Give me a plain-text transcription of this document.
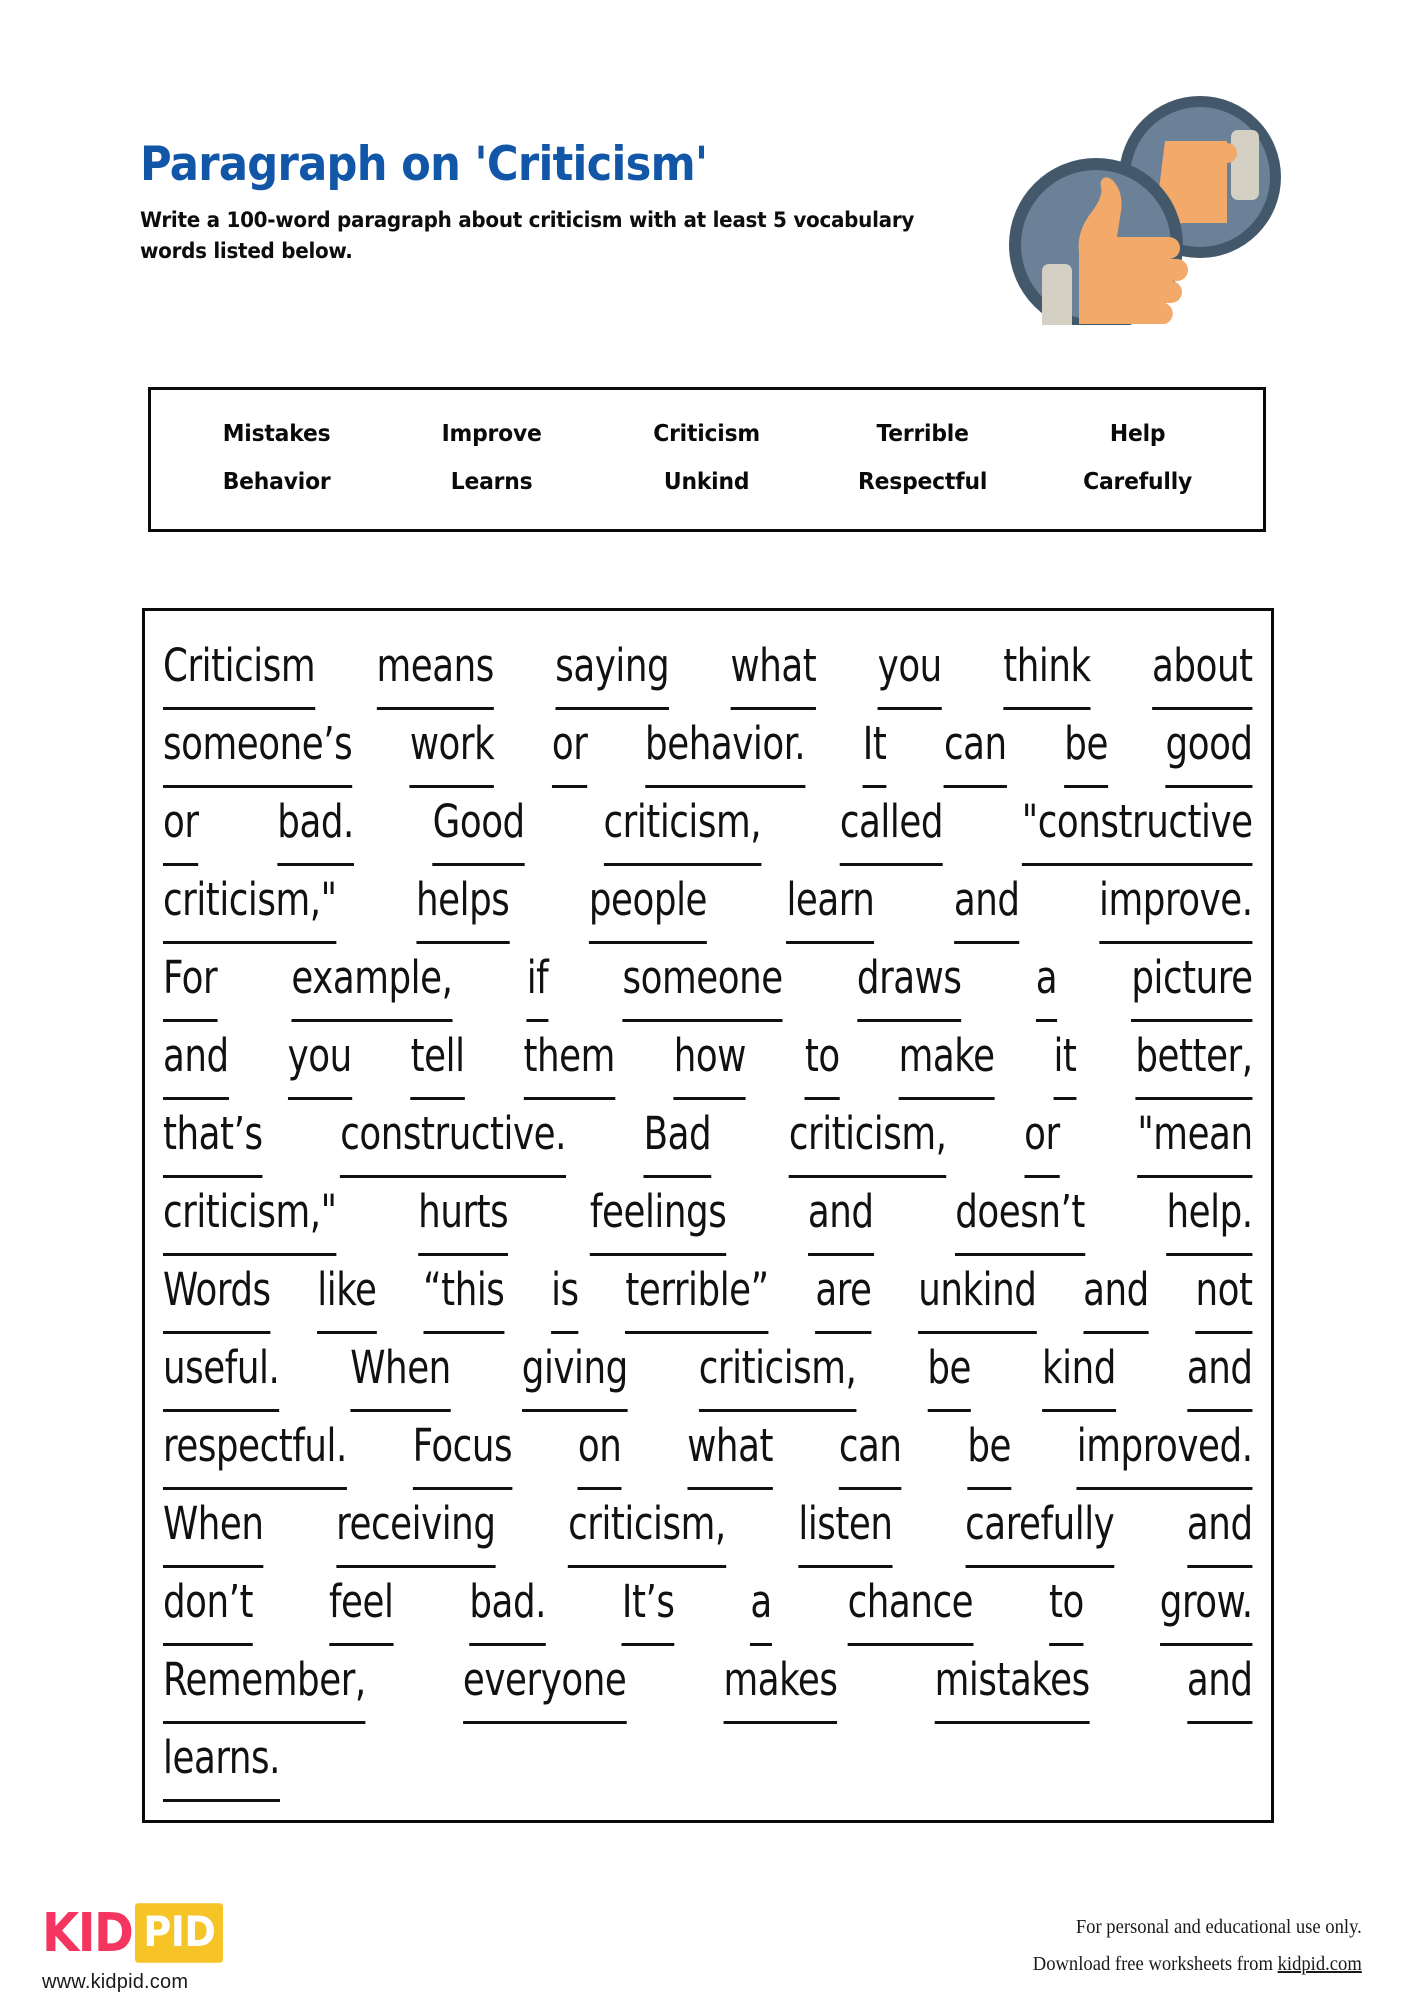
Paragraph on 'Criticism'
Write a 100-word paragraph about criticism with at least 5 vocabulary words listed below.
Mistakes	Improve	Criticism	Terrible	Help
Behavior	Learns	Unkind	Respectful	Carefully
Criticism means saying what you think about
someone’s work or behavior. It can be good
or bad. Good criticism, called "constructive
criticism," helps people learn and improve.
For example, if someone draws a picture
and you tell them how to make it better,
that’s constructive. Bad criticism, or "mean
criticism," hurts feelings and doesn’t help.
Words like “this is terrible” are unkind and not
useful. When giving criticism, be kind and
respectful. Focus on what can be improved.
When receiving criticism, listen carefully and
don’t feel bad. It’s a chance to grow.
Remember, everyone makes mistakes and
learns.
KID PID
www.kidpid.com
For personal and educational use only.
Download free worksheets from kidpid.com
